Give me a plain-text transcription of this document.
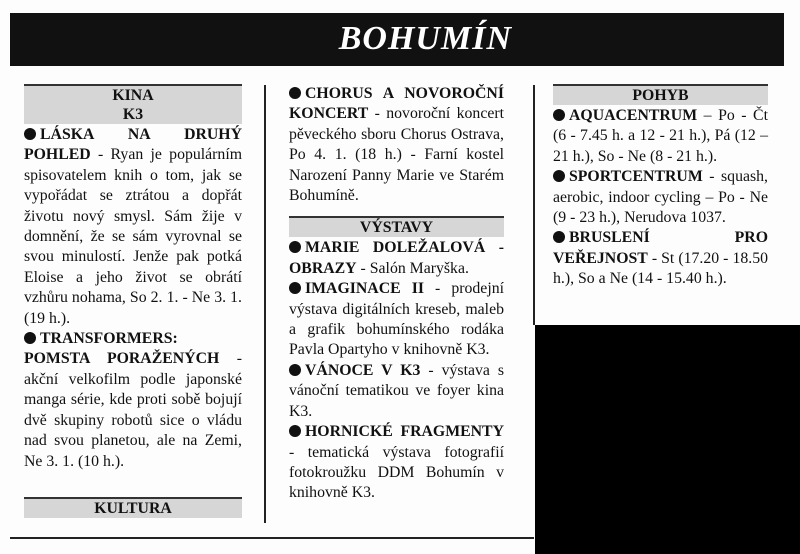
BOHUMÍN
KINA
K3

LÁSKA NA DRUHÝ POHLED - Ryan je populárním spisovatelem knih o tom, jak se vypořádat se ztrátou a dopřát životu nový smysl. Sám žije v domnění, že se sám vyrovnal se svou minulostí. Jenže pak potká Eloise a jeho život se obrátí vzhůru nohama, So 2. 1. - Ne 3. 1. (19 h.).

TRANSFORMERS: POMSTA PORAŽENÝCH - akční velkofilm podle japonské manga série, kde proti sobě bojují dvě skupiny robotů sice o vládu nad svou planetou, ale na Zemi, Ne 3. 1. (10 h.).

KULTURA

CHORUS A NOVOROČNÍ KONCERT - novoroční koncert pěveckého sboru Chorus Ostrava, Po 4. 1. (18 h.) - Farní kostel Narození Panny Marie ve Starém Bohumíně.

VÝSTAVY

MARIE DOLEŽALOVÁ - OBRAZY - Salón Maryška.

IMAGINACE II - prodejní výstava digitálních kreseb, maleb a grafik bohumínského rodáka Pavla Opartyho v knihovně K3.

VÁNOCE V K3 - výstava s vánoční tematikou ve foyer kina K3.

HORNICKÉ FRAGMENTY - tematická výstava fotografií fotokroužku DDM Bohumín v knihovně K3.

POHYB

AQUACENTRUM – Po - Čt (6 - 7.45 h. a 12 - 21 h.), Pá (12 – 21 h.), So - Ne (8 - 21 h.).

SPORTCENTRUM - squash, aerobic, indoor cycling – Po - Ne (9 - 23 h.), Nerudova 1037.

BRUSLENÍ PRO VEŘEJNOST - St (17.20 - 18.50 h.), So a Ne (14 - 15.40 h.).
